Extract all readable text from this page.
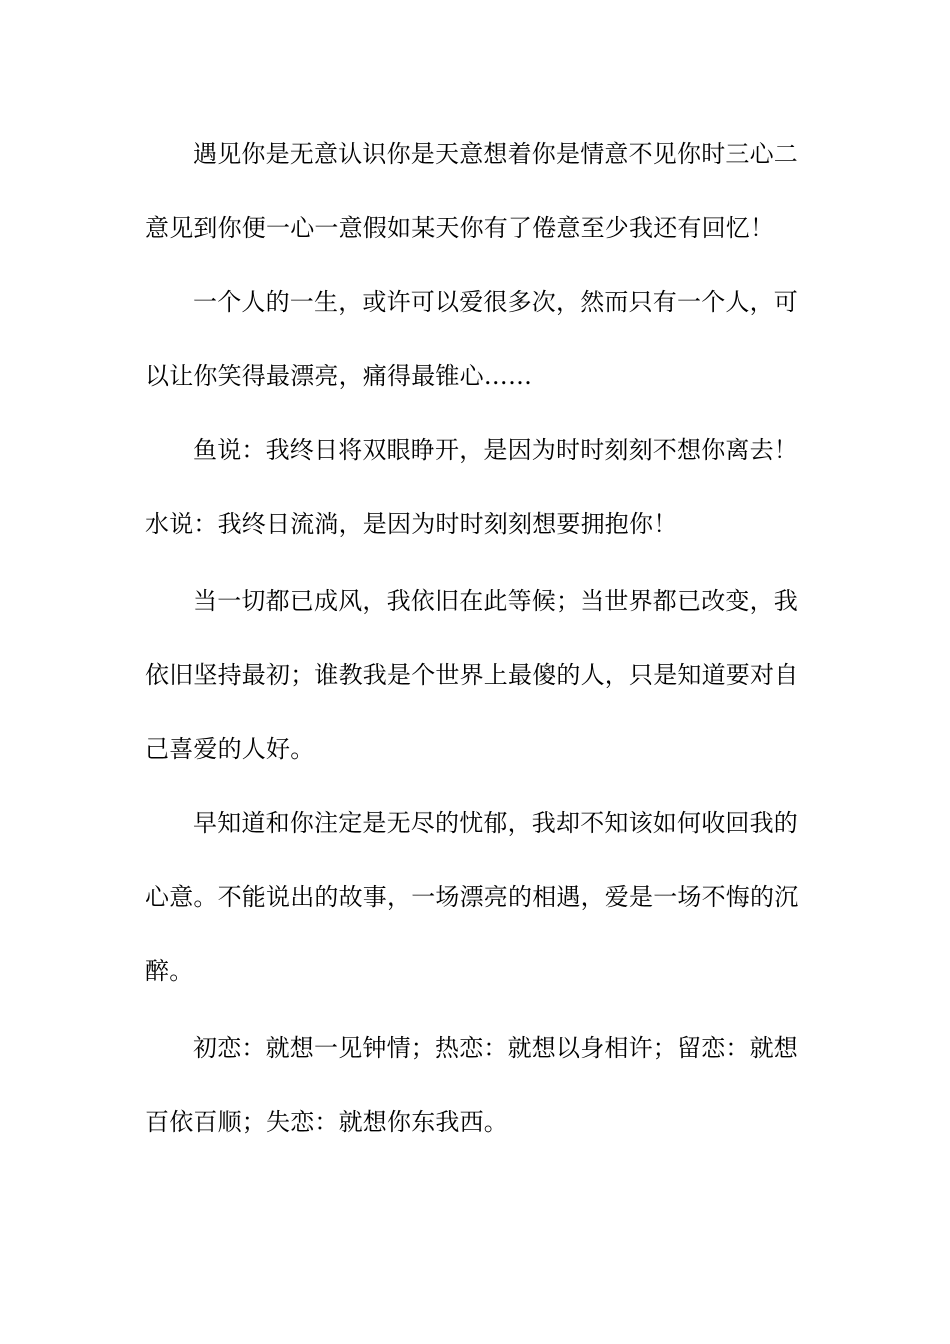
遇见你是无意认识你是天意想着你是情意不见你时三心二
意见到你便一心一意假如某天你有了倦意至少我还有回忆！
一个人的一生，或许可以爱很多次，然而只有一个人，可
以让你笑得最漂亮，痛得最锥心……
鱼说：我终日将双眼睁开，是因为时时刻刻不想你离去！
水说：我终日流淌，是因为时时刻刻想要拥抱你！
当一切都已成风，我依旧在此等候；当世界都已改变，我
依旧坚持最初；谁教我是个世界上最傻的人，只是知道要对自
己喜爱的人好。
早知道和你注定是无尽的忧郁，我却不知该如何收回我的
心意。不能说出的故事，一场漂亮的相遇，爱是一场不悔的沉
醉。
初恋：就想一见钟情；热恋：就想以身相许；留恋：就想
百依百顺；失恋：就想你东我西。
